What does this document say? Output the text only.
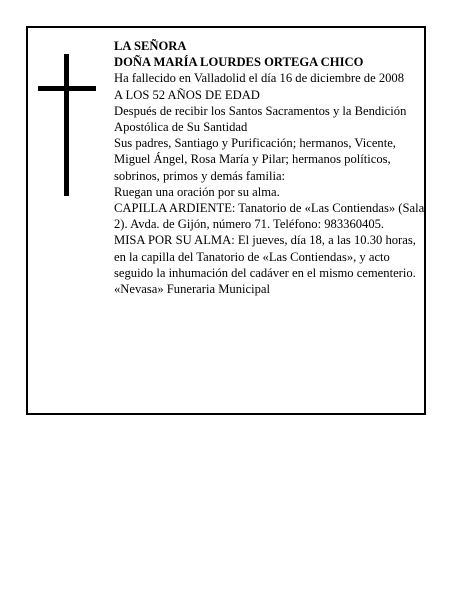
LA SEÑORA

DOÑA MARÍA LOURDES ORTEGA CHICO

Ha fallecido en Valladolid el día 16 de diciembre de 2008

A LOS 52 AÑOS DE EDAD

Después de recibir los Santos Sacramentos y la Bendición Apostólica de Su Santidad

Sus padres, Santiago y Purificación; hermanos, Vicente, Miguel Ángel, Rosa María y Pilar; hermanos políticos, sobrinos, primos y demás familia:

Ruegan una oración por su alma.

CAPILLA ARDIENTE: Tanatorio de «Las Contiendas» (Sala 2). Avda. de Gijón, número 71. Teléfono: 983360405.

MISA POR SU ALMA: El jueves, día 18, a las 10.30 horas, en la capilla del Tanatorio de «Las Contiendas», y acto seguido la inhumación del cadáver en el mismo cementerio.

«Nevasa» Funeraria Municipal
